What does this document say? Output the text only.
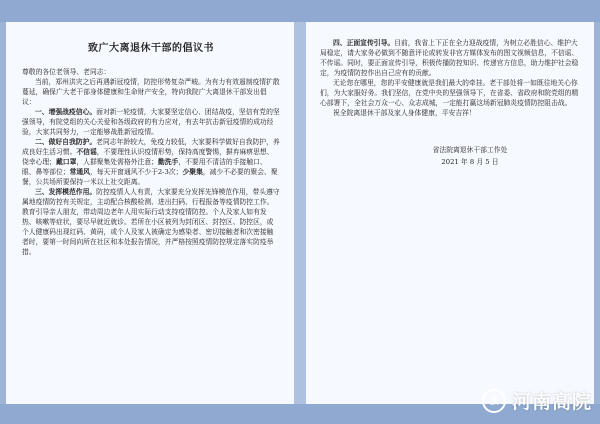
致广大离退休干部的倡议书

尊敬的各位老领导、老同志：

当前，郑州洪灾之后再遇新冠疫情，防控形势复杂严峻。为有力有效遏制疫情扩散蔓延，确保广大老干部身体健康和生命财产安全，特向我院广大离退休干部发出倡议：

一、增强战疫信心。面对新一轮疫情，大家要坚定信心、团结战疫，坚信有党的坚强领导，有院党组的关心关爱和各级政府的有力应对，有去年抗击新冠疫情的成功经验，大家共同努力，一定能够战胜新冠疫情。

二、做好自我防护。老同志年龄较大，免疫力较低，大家要科学做好自我防护，养成良好生活习惯。不信谣，不要理性认识疫情形势，保持高度警惕，摒弃麻痹思想、侥幸心理；戴口罩，人群聚集处需格外注意；勤洗手，不要用不清洁的手接触口、眼、鼻等部位；常通风，每天开窗通风不少于2-3次；少聚集，减少不必要的聚会、聚餐，公共场所要保持一米以上社交距离。

三、发挥模范作用。防控疫情人人有责，大家要充分发挥先锋模范作用，带头遵守属地疫情防控有关规定，主动配合核酸检测、进出扫码、行程报备等疫情防控工作。教育引导亲人朋友，带动周边老年人用实际行动支持疫情防控。个人及家人如有发热、咳嗽等症状，要尽早就近就诊。若所在小区被列为封闭区、封控区、防控区，或个人健康码出现红码、黄码，或个人及家人被确定为感染者、密切接触者和次密接触者时，要第一时间向所在社区和本处报告情况，并严格按照疫情防控规定落实防疫举措。

四、正面宣传引导。目前，我省上下正在全力迎战疫情，为树立必胜信心、维护大局稳定，请大家务必做到不随意评论或转发非官方媒体发布的图文视频信息，不信谣、不传谣。同时，要正面宣传引导，积极传播防控知识、传递官方信息，助力维护社会稳定，为疫情防控作出自己应有的贡献。

无论您在哪里，您的平安健康就是我们最大的牵挂。老干部处将一如既往地关心你们，为大家服好务。我们坚信，在党中央的坚强领导下，在省委、省政府和院党组的精心部署下，全社会万众一心、众志成城，一定能打赢这场新冠肺炎疫情防控阻击战。

祝全院离退休干部及家人身体健康，平安吉祥！

省法院离退休干部工作处
2021 年 8 月 5 日
法 河南高院
